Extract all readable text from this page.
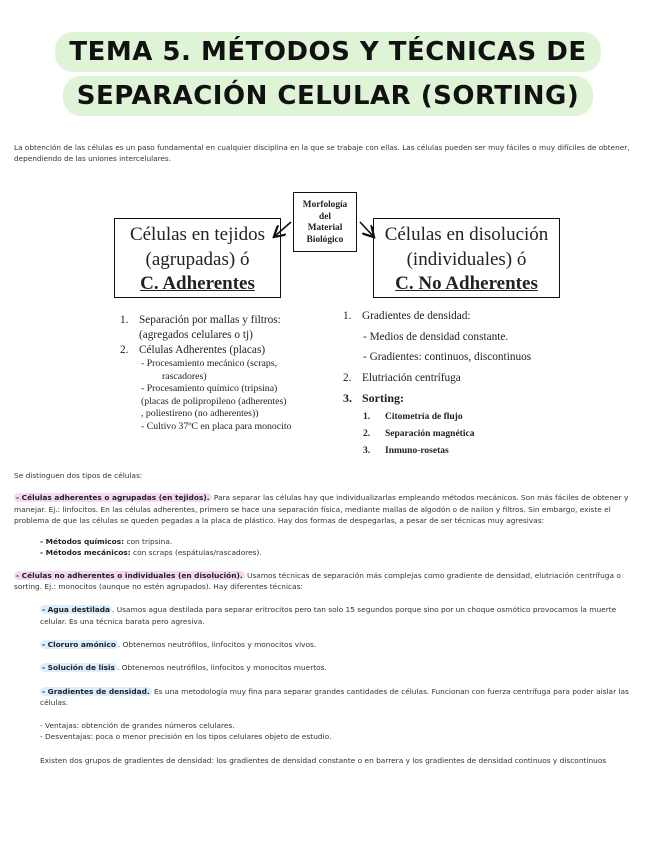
TEMA 5. MÉTODOS Y TÉCNICAS DE
SEPARACIÓN CELULAR (SORTING)
La obtención de las células es un paso fundamental en cualquier disciplina en la que se trabaje con ellas. Las células pueden ser muy fáciles o muy difíciles de obtener, dependiendo de las uniones intercelulares.
Morfología
del
Material
Biológico
Células en tejidos
(agrupadas) ó
C. Adherentes
Células en disolución
(individuales) ó
C. No Adherentes
1. Separación por mallas y filtros: (agregados celulares o tj)
2. Células Adherentes (placas)
- Procesamiento mecánico (scraps,
rascadores)
- Procesamiento químico (tripsina)
(placas de polipropileno (adherentes)
, poliestireno (no adherentes))
- Cultivo 37ºC en placa para monocito
1. Gradientes de densidad:
- Medios de densidad constante.
- Gradientes: continuos, discontinuos
2. Elutriación centrífuga
3. Sorting:
1. Citometría de flujo
2. Separación magnética
3. Inmuno-rosetas

Se distinguen dos tipos de células:

- Células adherentes o agrupadas (en tejidos). Para separar las células hay que individualizarlas empleando métodos mecánicos. Son más fáciles de obtener y manejar. Ej.: linfocitos. En las células adherentes, primero se hace una separación física, mediante mallas de algodón o de nailon y filtros. Sin embargo, existe el problema de que las células se queden pegadas a la placa de plástico. Hay dos formas de despegarlas, a pesar de ser técnicas muy agresivas:

- Métodos químicos: con tripsina.

- Métodos mecánicos: con scraps (espátulas/rascadores).

- Células no adherentes o individuales (en disolución). Usamos técnicas de separación más complejas como gradiente de densidad, elutriación centrífuga o sorting. Ej.: monocitos (aunque no estén agrupados). Hay diferentes técnicas:

- Agua destilada . Usamos agua destilada para separar eritrocitos pero tan solo 15 segundos porque sino por un choque osmótico provocamos la muerte celular. Es una técnica barata pero agresiva.

- Cloruro amónico . Obtenemos neutrófilos, linfocitos y monocitos vivos.

- Solución de lisis . Obtenemos neutrófilos, linfocitos y monocitos muertos.

- Gradientes de densidad. Es una metodología muy fina para separar grandes cantidades de células. Funcionan con fuerza centrífuga para poder aislar las células.

- Ventajas: obtención de grandes números celulares.

- Desventajas: poca o menor precisión en los tipos celulares objeto de estudio.

Existen dos grupos de gradientes de densidad: los gradientes de densidad constante o en barrera y los gradientes de densidad continuos y discontinuos
